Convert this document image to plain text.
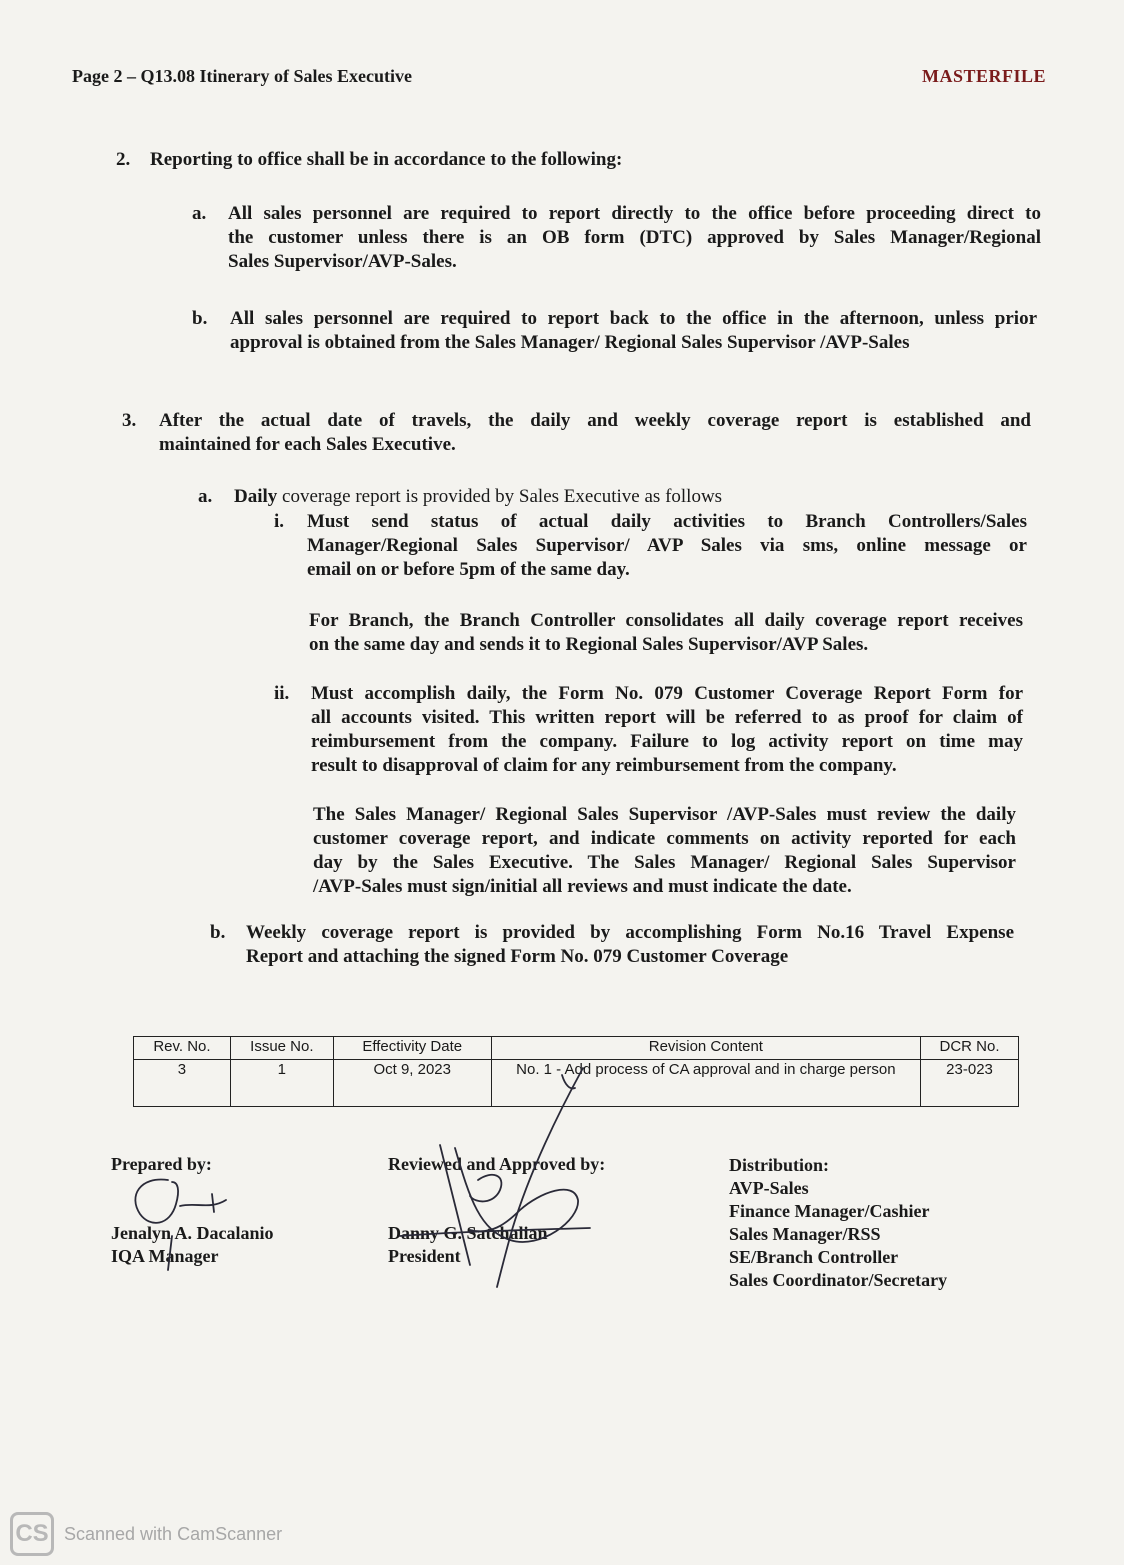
Page 2 – Q13.08 Itinerary of Sales Executive	MASTERFILE
2. Reporting to office shall be in accordance to the following:
a. All sales personnel are required to report directly to the office before proceeding direct to
the customer unless there is an OB form (DTC) approved by Sales Manager/Regional
Sales Supervisor/AVP-Sales.
b. All sales personnel are required to report back to the office in the afternoon, unless prior
approval is obtained from the Sales Manager/ Regional Sales Supervisor /AVP-Sales
3. After the actual date of travels, the daily and weekly coverage report is established and
maintained for each Sales Executive.
a. Daily coverage report is provided by Sales Executive as follows
i. Must send status of actual daily activities to Branch Controllers/Sales
Manager/Regional Sales Supervisor/ AVP Sales via sms, online message or
email on or before 5pm of the same day.
For Branch, the Branch Controller consolidates all daily coverage report receives
on the same day and sends it to Regional Sales Supervisor/AVP Sales.
ii. Must accomplish daily, the Form No. 079 Customer Coverage Report Form for
all accounts visited. This written report will be referred to as proof for claim of
reimbursement from the company. Failure to log activity report on time may
result to disapproval of claim for any reimbursement from the company.
The Sales Manager/ Regional Sales Supervisor /AVP-Sales must review the daily
customer coverage report, and indicate comments on activity reported for each
day by the Sales Executive. The Sales Manager/ Regional Sales Supervisor
/AVP-Sales must sign/initial all reviews and must indicate the date.
b. Weekly coverage report is provided by accomplishing Form No.16 Travel Expense
Report and attaching the signed Form No. 079 Customer Coverage
Rev. No.	Issue No.	Effectivity Date	Revision Content	DCR No.
3	1	Oct 9, 2023	No. 1 - Add process of CA approval and in charge person	23-023
Prepared by:
Jenalyn A. Dacalanio
IQA Manager
Reviewed and Approved by:
Danny G. Satchalian
President
Distribution:
AVP-Sales
Finance Manager/Cashier
Sales Manager/RSS
SE/Branch Controller
Sales Coordinator/Secretary
CS Scanned with CamScanner
